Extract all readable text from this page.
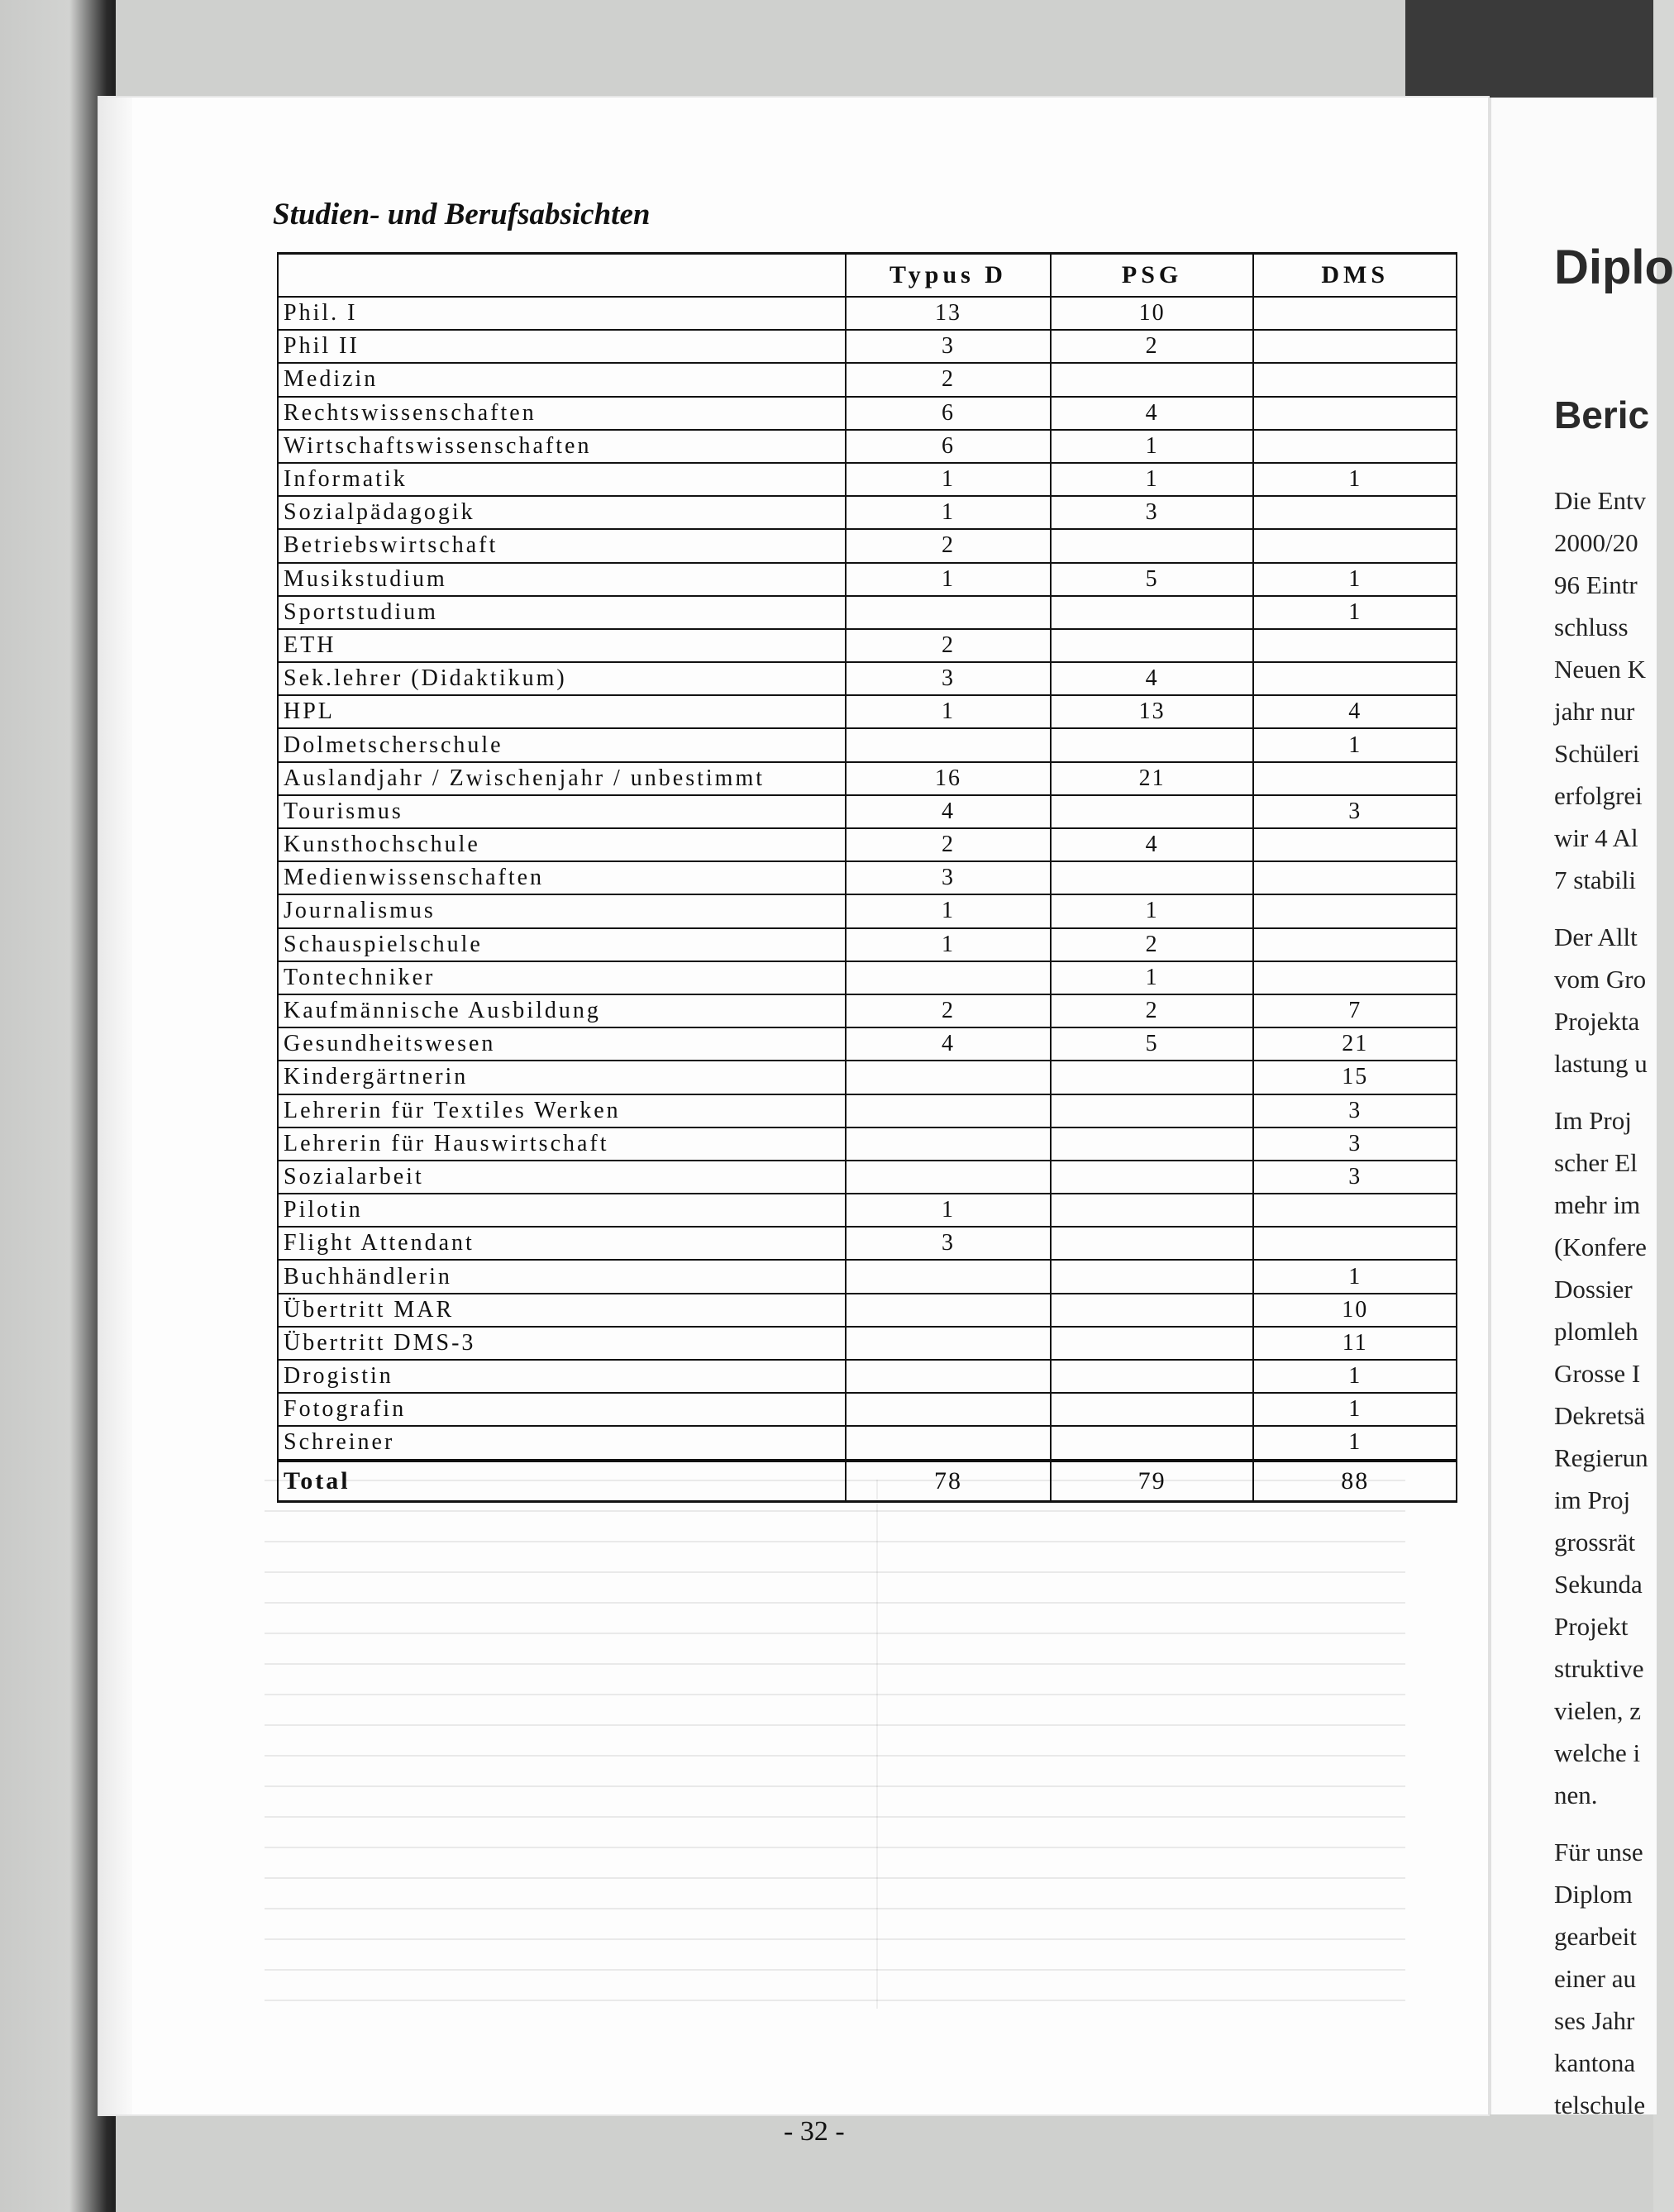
Studien- und Berufsabsichten
	Typus D	PSG	DMS
Phil. I	13	10	
Phil II	3	2	
Medizin	2		
Rechtswissenschaften	6	4	
Wirtschaftswissenschaften	6	1	
Informatik	1	1	1
Sozialpädagogik	1	3	
Betriebswirtschaft	2		
Musikstudium	1	5	1
Sportstudium			1
ETH	2		
Sek.lehrer (Didaktikum)	3	4	
HPL	1	13	4
Dolmetscherschule			1
Auslandjahr / Zwischenjahr / unbestimmt	16	21	
Tourismus	4		3
Kunsthochschule	2	4	
Medienwissenschaften	3		
Journalismus	1	1	
Schauspielschule	1	2	
Tontechniker		1	
Kaufmännische Ausbildung	2	2	7
Gesundheitswesen	4	5	21
Kindergärtnerin			15
Lehrerin für Textiles Werken			3
Lehrerin für Hauswirtschaft			3
Sozialarbeit			3
Pilotin	1		
Flight Attendant	3		
Buchhändlerin			1
Übertritt MAR			10
Übertritt DMS-3			11
Drogistin			1
Fotografin			1
Schreiner			1
Total	78	79	88
- 32 -
Diplo
Beric
Die Entv
2000/20
96 Eintr
schluss
Neuen K
jahr nur
Schüleri
erfolgrei
wir 4 Al
7 stabili
Der Allt
vom Gro
Projekta
lastung u
Im Proj
scher El
mehr im
(Konfere
Dossier
plomleh
Grosse I
Dekretsä
Regierun
im Proj
grossrät
Sekunda
Projekt
struktive
vielen, z
welche i
nen.
Für unse
Diplom
gearbeit
einer au
ses Jahr
kantona
telschule
